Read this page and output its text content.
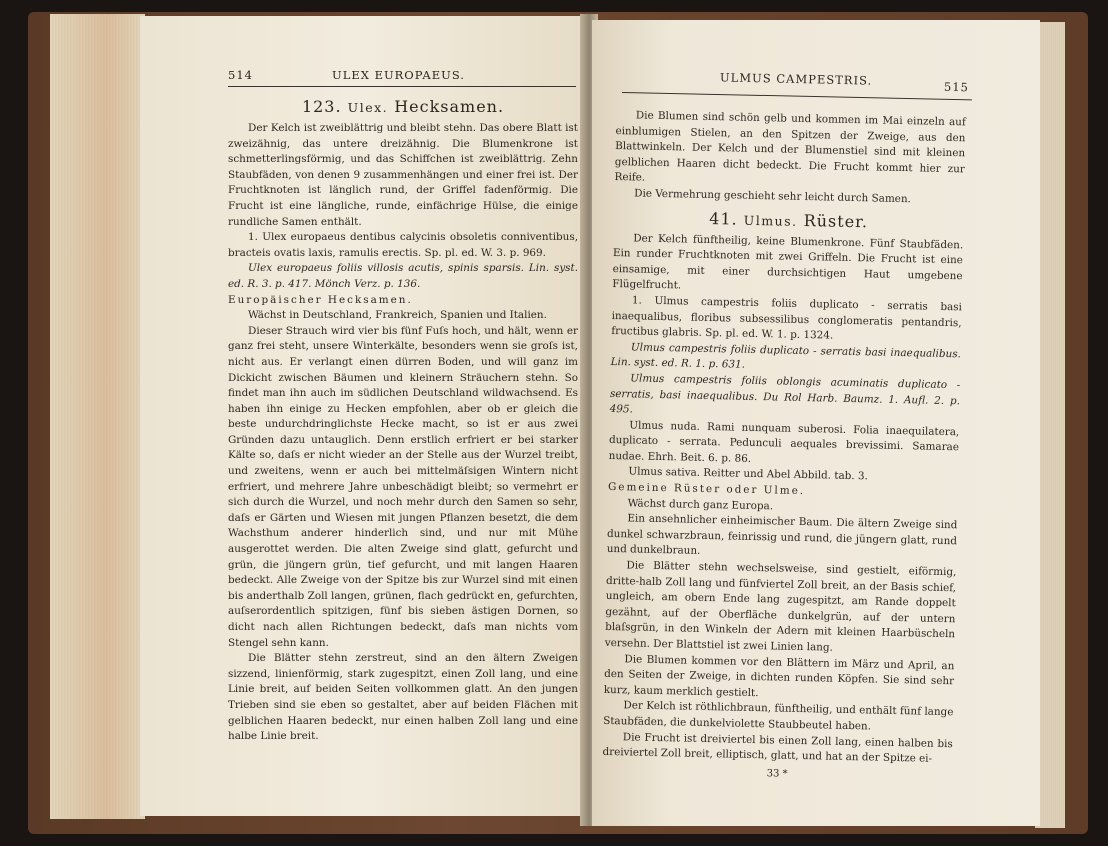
514	ULEX EUROPAEUS.
123. Ulex. Hecksamen.

Der Kelch ist zweiblättrig und bleibt stehn. Das obere Blatt ist zweizähnig, das untere dreizähnig. Die Blumenkrone ist schmetterlingsförmig, und das Schiffchen ist zweiblättrig. Zehn Staubfäden, von denen 9 zusammenhängen und einer frei ist. Der Fruchtknoten ist länglich rund, der Griffel fadenförmig. Die Frucht ist eine längliche, runde, einfächrige Hülse, die einige rundliche Samen enthält.

1. Ulex europaeus dentibus calycinis obsoletis conniventibus, bracteis ovatis laxis, ramulis erectis. Sp. pl. ed. W. 3. p. 969.

Ulex europaeus foliis villosis acutis, spinis sparsis. Lin. syst. ed. R. 3. p. 417. Mönch Verz. p. 136.

Europäischer Hecksamen.

Wächst in Deutschland, Frankreich, Spanien und Italien.

Dieser Strauch wird vier bis fünf Fuſs hoch, und hält, wenn er ganz frei steht, unsere Winterkälte, besonders wenn sie groſs ist, nicht aus. Er verlangt einen dürren Boden, und will ganz im Dickicht zwischen Bäumen und kleinern Sträuchern stehn. So findet man ihn auch im südlichen Deutschland wildwachsend. Es haben ihn einige zu Hecken empfohlen, aber ob er gleich die beste undurchdringlichste Hecke macht, so ist er aus zwei Gründen dazu untauglich. Denn erstlich erfriert er bei starker Kälte so, daſs er nicht wieder an der Stelle aus der Wurzel treibt, und zweitens, wenn er auch bei mittelmäſsigen Wintern nicht erfriert, und mehrere Jahre unbeschädigt bleibt; so vermehrt er sich durch die Wurzel, und noch mehr durch den Samen so sehr, daſs er Gärten und Wiesen mit jungen Pflanzen besetzt, die dem Wachsthum anderer hinderlich sind, und nur mit Mühe ausgerottet werden. Die alten Zweige sind glatt, gefurcht und grün, die jüngern grün, tief gefurcht, und mit langen Haaren bedeckt. Alle Zweige von der Spitze bis zur Wurzel sind mit einen bis anderthalb Zoll langen, grünen, flach gedrückt en, gefurchten, auſserordentlich spitzigen, fünf bis sieben ästigen Dornen, so dicht nach allen Richtungen bedeckt, daſs man nichts vom Stengel sehn kann.

Die Blätter stehn zerstreut, sind an den ältern Zweigen sizzend, linienförmig, stark zugespitzt, einen Zoll lang, und eine Linie breit, auf beiden Seiten vollkommen glatt. An den jungen Trieben sind sie eben so gestaltet, aber auf beiden Flächen mit gelblichen Haaren bedeckt, nur einen halben Zoll lang und eine halbe Linie breit.

ULMUS CAMPESTRIS.	515

Die Blumen sind schön gelb und kommen im Mai einzeln auf einblumigen Stielen, an den Spitzen der Zweige, aus den Blattwinkeln. Der Kelch und der Blumenstiel sind mit kleinen gelblichen Haaren dicht bedeckt. Die Frucht kommt hier zur Reife.

Die Vermehrung geschieht sehr leicht durch Samen.

41. Ulmus. Rüster.

Der Kelch fünftheilig, keine Blumenkrone. Fünf Staubfäden. Ein runder Fruchtknoten mit zwei Griffeln. Die Frucht ist eine einsamige, mit einer durchsichtigen Haut umgebene Flügelfrucht.

1. Ulmus campestris foliis duplicato - serratis basi inaequalibus, floribus subsessilibus conglomeratis pentandris, fructibus glabris. Sp. pl. ed. W. 1. p. 1324.

Ulmus campestris foliis duplicato - serratis basi inaequalibus. Lin. syst. ed. R. 1. p. 631.

Ulmus campestris foliis oblongis acuminatis duplicato - serratis, basi inaequalibus. Du Rol Harb. Baumz. 1. Aufl. 2. p. 495.

Ulmus nuda. Rami nunquam suberosi. Folia inaequilatera, duplicato - serrata. Pedunculi aequales brevissimi. Samarae nudae. Ehrh. Beit. 6. p. 86.

Ulmus sativa. Reitter und Abel Abbild. tab. 3.

Gemeine Rüster oder Ulme.

Wächst durch ganz Europa.

Ein ansehnlicher einheimischer Baum. Die ältern Zweige sind dunkel schwarzbraun, feinrissig und rund, die jüngern glatt, rund und dunkelbraun.

Die Blätter stehn wechselsweise, sind gestielt, eiförmig, dritte-halb Zoll lang und fünfviertel Zoll breit, an der Basis schief, ungleich, am obern Ende lang zugespitzt, am Rande doppelt gezähnt, auf der Oberfläche dunkelgrün, auf der untern blaſsgrün, in den Winkeln der Adern mit kleinen Haarbüscheln versehn. Der Blattstiel ist zwei Linien lang.

Die Blumen kommen vor den Blättern im März und April, an den Seiten der Zweige, in dichten runden Köpfen. Sie sind sehr kurz, kaum merklich gestielt.

Der Kelch ist röthlichbraun, fünftheilig, und enthält fünf lange Staubfäden, die dunkelviolette Staubbeutel haben.

Die Frucht ist dreiviertel bis einen Zoll lang, einen halben bis dreiviertel Zoll breit, elliptisch, glatt, und hat an der Spitze ei-

33 *
